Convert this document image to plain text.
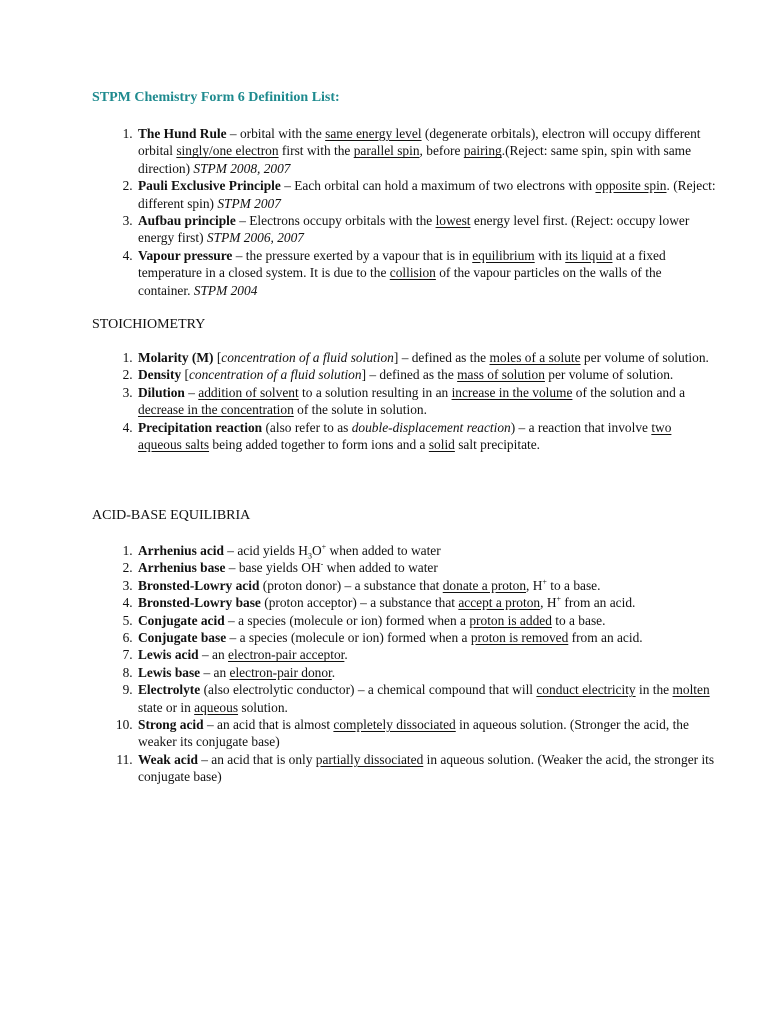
STPM Chemistry Form 6 Definition List:
1. The Hund Rule – orbital with the same energy level (degenerate orbitals), electron will occupy different orbital singly/one electron first with the parallel spin, before pairing.(Reject: same spin, spin with same direction) STPM 2008, 2007
2. Pauli Exclusive Principle – Each orbital can hold a maximum of two electrons with opposite spin. (Reject: different spin) STPM 2007
3. Aufbau principle – Electrons occupy orbitals with the lowest energy level first. (Reject: occupy lower energy first) STPM 2006, 2007
4. Vapour pressure – the pressure exerted by a vapour that is in equilibrium with its liquid at a fixed temperature in a closed system. It is due to the collision of the vapour particles on the walls of the container. STPM 2004
STOICHIOMETRY
1. Molarity (M) [concentration of a fluid solution] – defined as the moles of a solute per volume of solution.
2. Density [concentration of a fluid solution] – defined as the mass of solution per volume of solution.
3. Dilution – addition of solvent to a solution resulting in an increase in the volume of the solution and a decrease in the concentration of the solute in solution.
4. Precipitation reaction (also refer to as double-displacement reaction) – a reaction that involve two aqueous salts being added together to form ions and a solid salt precipitate.
ACID-BASE EQUILIBRIA
1. Arrhenius acid – acid yields $H_3O^+$ when added to water
2. Arrhenius base – base yields OH- when added to water
3. Bronsted-Lowry acid (proton donor) – a substance that donate a proton, H+ to a base.
4. Bronsted-Lowry base (proton acceptor) – a substance that accept a proton, H+ from an acid.
5. Conjugate acid – a species (molecule or ion) formed when a proton is added to a base.
6. Conjugate base – a species (molecule or ion) formed when a proton is removed from an acid.
7. Lewis acid – an electron-pair acceptor.
8. Lewis base – an electron-pair donor.
9. Electrolyte (also electrolytic conductor) – a chemical compound that will conduct electricity in the molten state or in aqueous solution.
10. Strong acid – an acid that is almost completely dissociated in aqueous solution. (Stronger the acid, the weaker its conjugate base)
11. Weak acid – an acid that is only partially dissociated in aqueous solution. (Weaker the acid, the stronger its conjugate base)
